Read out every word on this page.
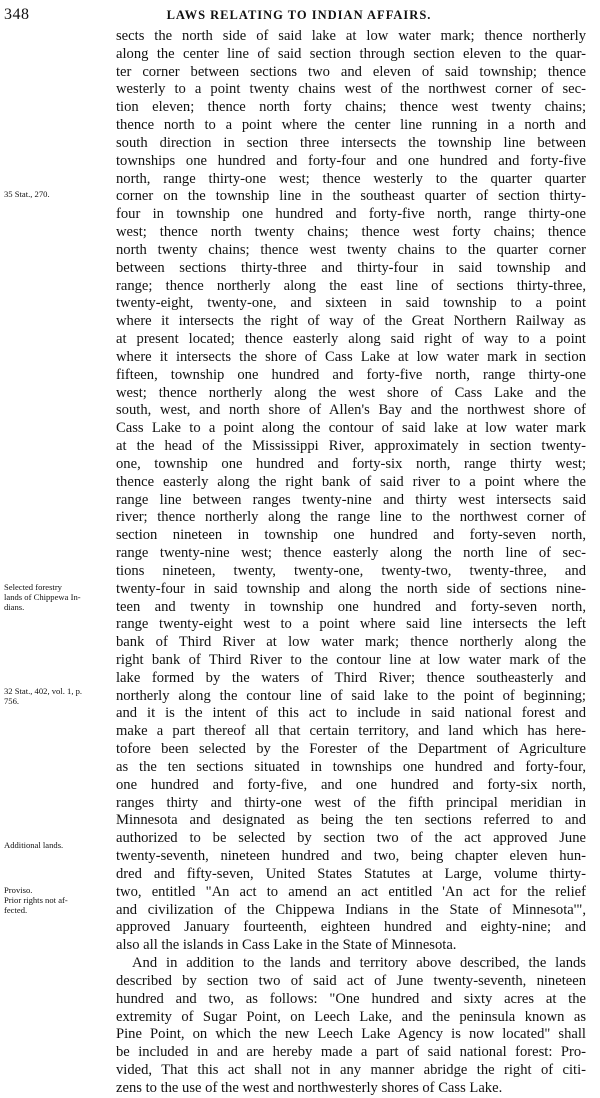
348	LAWS RELATING TO INDIAN AFFAIRS.
sects the north side of said lake at low water mark; thence northerly
along the center line of said section through section eleven to the quar-
ter corner between sections two and eleven of said township; thence
westerly to a point twenty chains west of the northwest corner of sec-
tion eleven; thence north forty chains; thence west twenty chains;
thence north to a point where the center line running in a north and
south direction in section three intersects the township line between
townships one hundred and forty-four and one hundred and forty-five
north, range thirty-one west; thence westerly to the quarter quarter
corner on the township line in the southeast quarter of section thirty-
four in township one hundred and forty-five north, range thirty-one
west; thence north twenty chains; thence west forty chains; thence
north twenty chains; thence west twenty chains to the quarter corner
between sections thirty-three and thirty-four in said township and
range; thence northerly along the east line of sections thirty-three,
twenty-eight, twenty-one, and sixteen in said township to a point
where it intersects the right of way of the Great Northern Railway as
at present located; thence easterly along said right of way to a point
where it intersects the shore of Cass Lake at low water mark in section
fifteen, township one hundred and forty-five north, range thirty-one
west; thence northerly along the west shore of Cass Lake and the
south, west, and north shore of Allen's Bay and the northwest shore of
Cass Lake to a point along the contour of said lake at low water mark
at the head of the Mississippi River, approximately in section twenty-
one, township one hundred and forty-six north, range thirty west;
thence easterly along the right bank of said river to a point where the
range line between ranges twenty-nine and thirty west intersects said
river; thence northerly along the range line to the northwest corner of
section nineteen in township one hundred and forty-seven north,
range twenty-nine west; thence easterly along the north line of sec-
tions nineteen, twenty, twenty-one, twenty-two, twenty-three, and
twenty-four in said township and along the north side of sections nine-
teen and twenty in township one hundred and forty-seven north,
range twenty-eight west to a point where said line intersects the left
bank of Third River at low water mark; thence northerly along the
right bank of Third River to the contour line at low water mark of the
lake formed by the waters of Third River; thence southeasterly and
northerly along the contour line of said lake to the point of beginning;
and it is the intent of this act to include in said national forest and
make a part thereof all that certain territory, and land which has here-
tofore been selected by the Forester of the Department of Agriculture
as the ten sections situated in townships one hundred and forty-four,
one hundred and forty-five, and one hundred and forty-six north,
ranges thirty and thirty-one west of the fifth principal meridian in
Minnesota and designated as being the ten sections referred to and
authorized to be selected by section two of the act approved June
twenty-seventh, nineteen hundred and two, being chapter eleven hun-
dred and fifty-seven, United States Statutes at Large, volume thirty-
two, entitled "An act to amend an act entitled 'An act for the relief
and civilization of the Chippewa Indians in the State of Minnesota'",
approved January fourteenth, eighteen hundred and eighty-nine; and
also all the islands in Cass Lake in the State of Minnesota.
And in addition to the lands and territory above described, the lands
described by section two of said act of June twenty-seventh, nineteen
hundred and two, as follows: "One hundred and sixty acres at the
extremity of Sugar Point, on Leech Lake, and the peninsula known as
Pine Point, on which the new Leech Lake Agency is now located" shall
be included in and are hereby made a part of said national forest: Pro-
vided, That this act shall not in any manner abridge the right of citi-
zens to the use of the west and northwesterly shores of Cass Lake.
35 Stat., 270.
Selected forestry
lands of Chippewa In-
dians.
32 Stat., 402, vol. 1, p.
756.
Additional lands.
Proviso.
Prior rights not af-
fected.
